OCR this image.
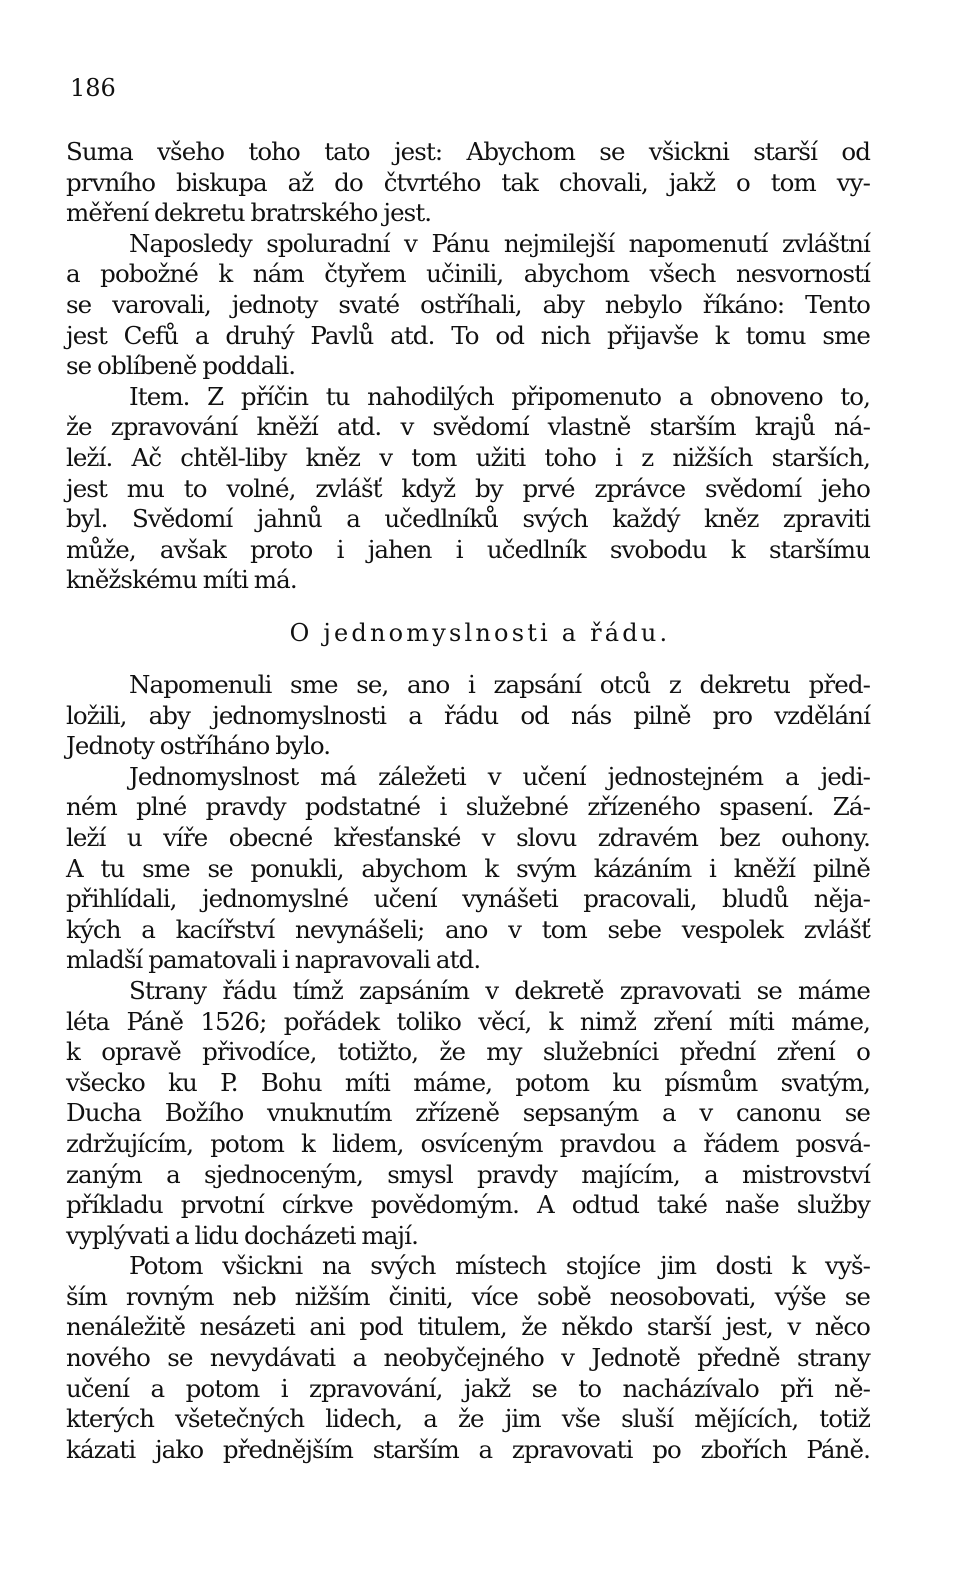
186
Suma všeho toho tato jest: Abychom se všickni starší od
prvního biskupa až do čtvrtého tak chovali, jakž o tom vy-
měření dekretu bratrského jest.
Naposledy spoluradní v Pánu nejmilejší napomenutí zvláštní
a pobožné k nám čtyřem učinili, abychom všech nesvorností
se varovali, jednoty svaté ostříhali, aby nebylo říkáno: Tento
jest Cefů a druhý Pavlů atd. To od nich přijavše k tomu sme
se oblíbeně poddali.
Item. Z příčin tu nahodilých připomenuto a obnoveno to,
že zpravování kněží atd. v svědomí vlastně starším krajů ná-
leží. Ač chtěl-liby kněz v tom užiti toho i z nižších starších,
jest mu to volné, zvlášť když by prvé zprávce svědomí jeho
byl. Svědomí jahnů a učedlníků svých každý kněz zpraviti
může, avšak proto i jahen i učedlník svobodu k staršímu
kněžskému míti má.
O jednomyslnosti a řádu.
Napomenuli sme se, ano i zapsání otců z dekretu před-
ložili, aby jednomyslnosti a řádu od nás pilně pro vzdělání
Jednoty ostříháno bylo.
Jednomyslnost má záležeti v učení jednostejném a jedi-
ném plné pravdy podstatné i služebné zřízeného spasení. Zá-
leží u víře obecné křesťanské v slovu zdravém bez ouhony.
A tu sme se ponukli, abychom k svým kázáním i kněží pilně
přihlídali, jednomyslné učení vynášeti pracovali, bludů něja-
kých a kacířství nevynášeli; ano v tom sebe vespolek zvlášť
mladší pamatovali i napravovali atd.
Strany řádu tímž zapsáním v dekretě zpravovati se máme
léta Páně 1526; pořádek toliko věcí, k nimž zření míti máme,
k opravě přivodíce, totižto, že my služebníci přední zření o
všecko ku P. Bohu míti máme, potom ku písmům svatým,
Ducha Božího vnuknutím zřízeně sepsaným a v canonu se
zdržujícím, potom k lidem, osvíceným pravdou a řádem posvá-
zaným a sjednoceným, smysl pravdy majícím, a mistrovství
příkladu prvotní církve povědomým. A odtud také naše služby
vyplývati a lidu docházeti mají.
Potom všickni na svých místech stojíce jim dosti k vyš-
ším rovným neb nižším činiti, více sobě neosobovati, výše se
nenáležitě nesázeti ani pod titulem, že někdo starší jest, v něco
nového se nevydávati a neobyčejného v Jednotě předně strany
učení a potom i zpravování, jakž se to nacházívalo při ně-
kterých všetečných lidech, a že jim vše sluší mějících, totiž
kázati jako přednějším starším a zpravovati po zbořích Páně.
